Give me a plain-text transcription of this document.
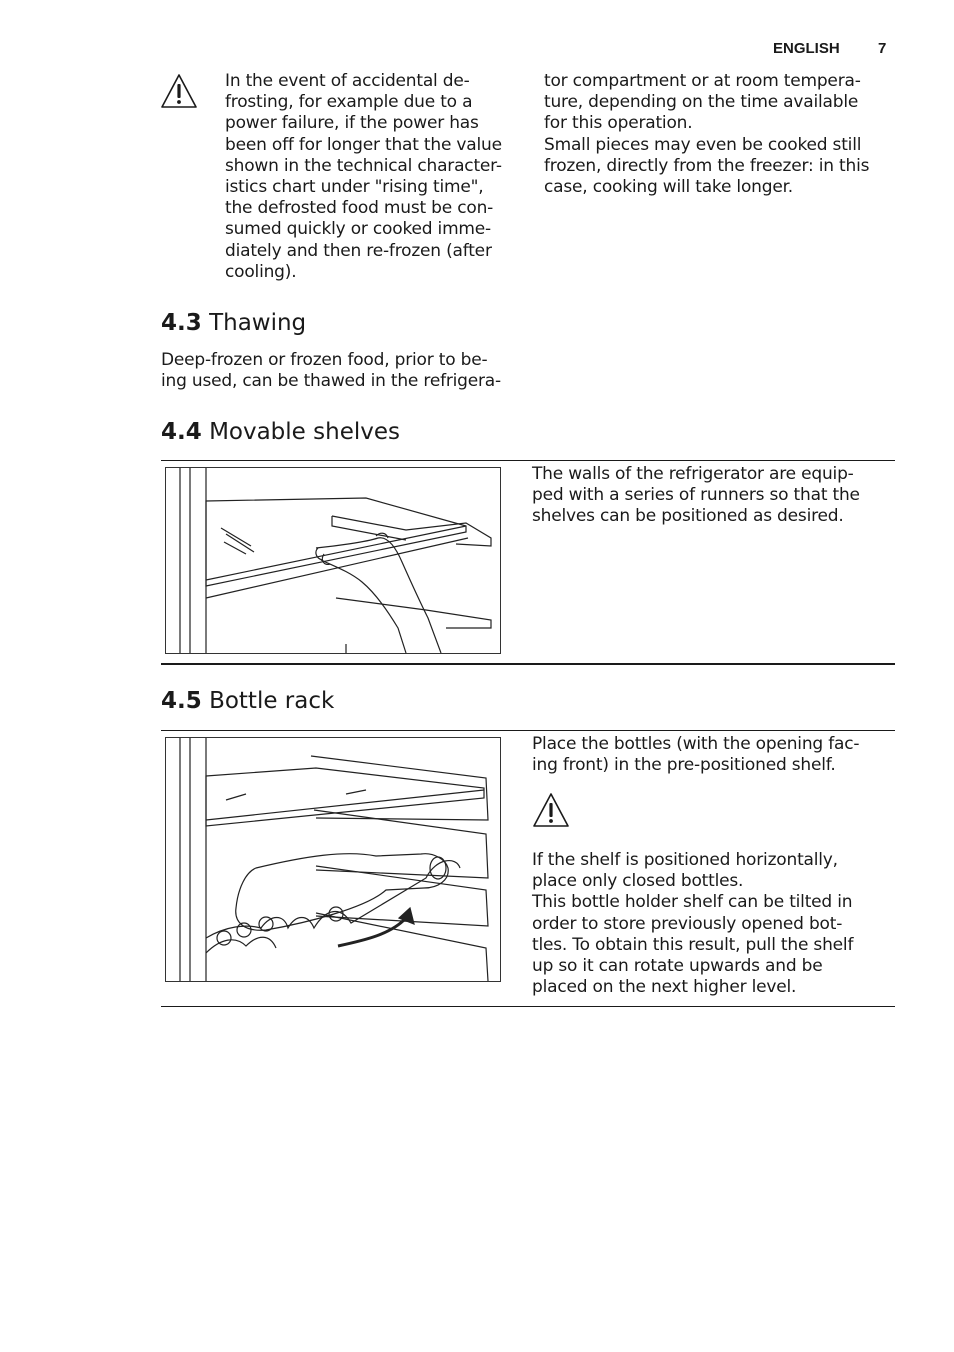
ENGLISH	7
In the event of accidental de-
frosting, for example due to a
power failure, if the power has
been off for longer that the value
shown in the technical character-
istics chart under "rising time",
the defrosted food must be con-
sumed quickly or cooked imme-
diately and then re-frozen (after
cooling).
4.3 Thawing
Deep-frozen or frozen food, prior to be-
ing used, can be thawed in the refrigera-
tor compartment or at room tempera-
ture, depending on the time available
for this operation.
Small pieces may even be cooked still
frozen, directly from the freezer: in this
case, cooking will take longer.
4.4 Movable shelves
The walls of the refrigerator are equip-
ped with a series of runners so that the
shelves can be positioned as desired.
4.5 Bottle rack
Place the bottles (with the opening fac-
ing front) in the pre-positioned shelf.
If the shelf is positioned horizontally,
place only closed bottles.
This bottle holder shelf can be tilted in
order to store previously opened bot-
tles. To obtain this result, pull the shelf
up so it can rotate upwards and be
placed on the next higher level.
